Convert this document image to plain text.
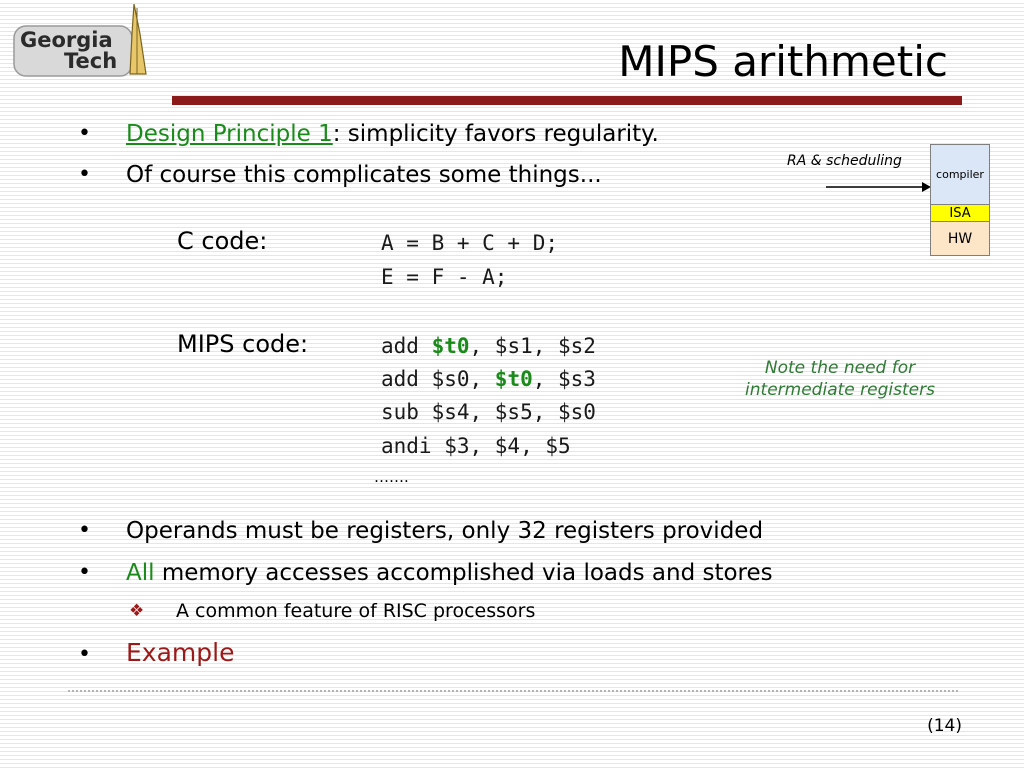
Georgia
Tech	MIPS arithmetic
• Design Principle 1: simplicity favors regularity.
• Of course this complicates some things...
C code:	A = B + C + D;
E = F - A;
MIPS code:	add $t0, $s1, $s2
add $s0, $t0, $s3
sub $s4, $s5, $s0
andi $3, $4, $5
…….
Note the need for intermediate registers
RA & scheduling
compiler
ISA
HW
• Operands must be registers, only 32 registers provided
• All memory accesses accomplished via loads and stores
❖ A common feature of RISC processors
• Example
(14)
